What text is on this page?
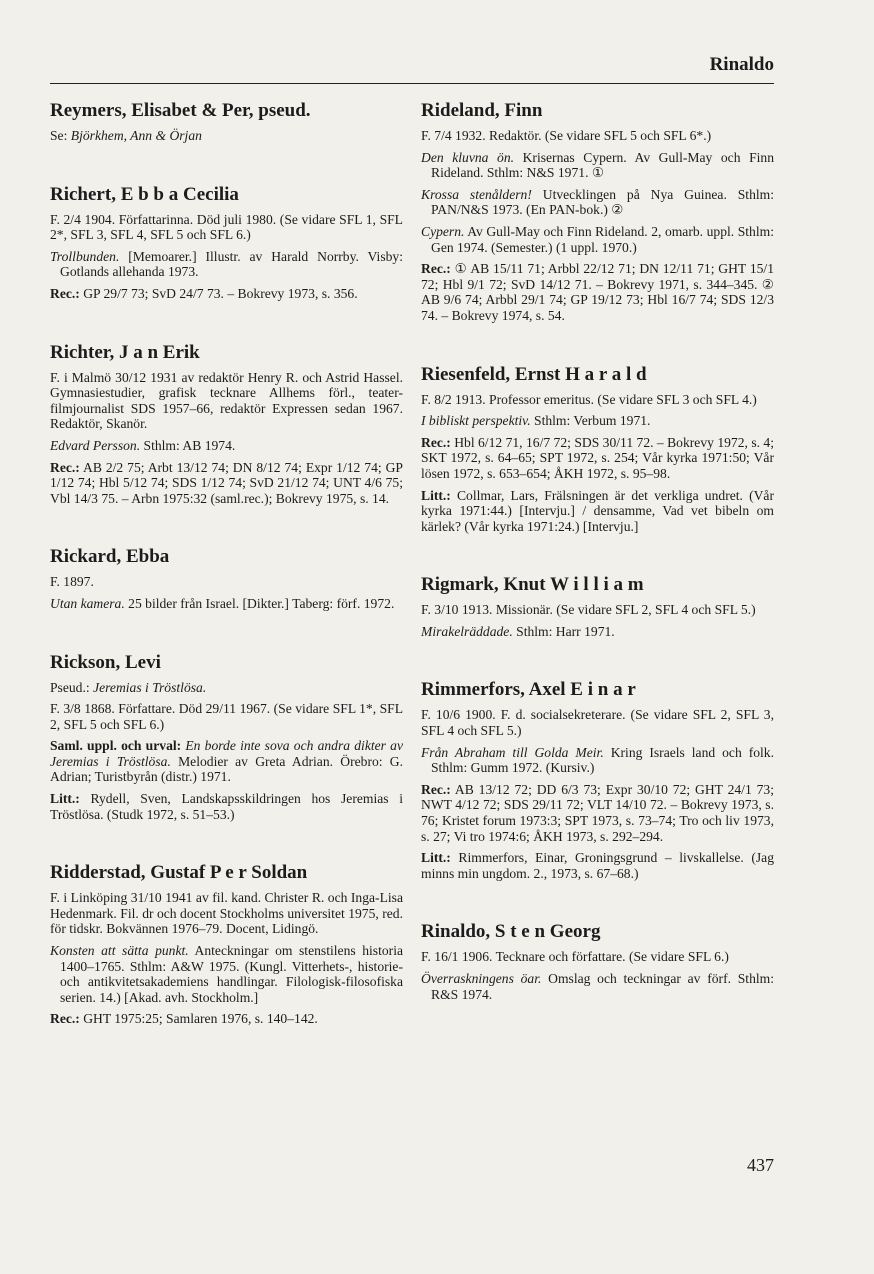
Rinaldo
Reymers, Elisabet & Per, pseud.

Se: Björkhem, Ann & Örjan

Richert, E b b a Cecilia

F. 2/4 1904. Författarinna. Död juli 1980. (Se vidare SFL 1, SFL 2*, SFL 3, SFL 4, SFL 5 och SFL 6.)

Trollbunden. [Memoarer.] Illustr. av Harald Norrby. Visby: Gotlands allehanda 1973.

Rec.: GP 29/7 73; SvD 24/7 73. – Bokrevy 1973, s. 356.

Richter, J a n Erik

F. i Malmö 30/12 1931 av redaktör Henry R. och Astrid Hassel. Gymnasiestudier, grafisk tecknare Allhems förl., teater-filmjournalist SDS 1957–66, redaktör Expressen sedan 1967. Redaktör, Skanör.

Edvard Persson. Sthlm: AB 1974.

Rec.: AB 2/2 75; Arbt 13/12 74; DN 8/12 74; Expr 1/12 74; GP 1/12 74; Hbl 5/12 74; SDS 1/12 74; SvD 21/12 74; UNT 4/6 75; Vbl 14/3 75. – Arbn 1975:32 (saml.rec.); Bokrevy 1975, s. 14.

Rickard, Ebba

F. 1897.

Utan kamera. 25 bilder från Israel. [Dikter.] Taberg: förf. 1972.

Rickson, Levi

Pseud.: Jeremias i Tröstlösa.

F. 3/8 1868. Författare. Död 29/11 1967. (Se vidare SFL 1*, SFL 2, SFL 5 och SFL 6.)

Saml. uppl. och urval: En borde inte sova och andra dikter av Jeremias i Tröstlösa. Melodier av Greta Adrian. Örebro: G. Adrian; Turistbyrån (distr.) 1971.

Litt.: Rydell, Sven, Landskapsskildringen hos Jeremias i Tröstlösa. (Studk 1972, s. 51–53.)

Ridderstad, Gustaf P e r Soldan

F. i Linköping 31/10 1941 av fil. kand. Christer R. och Inga-Lisa Hedenmark. Fil. dr och docent Stockholms universitet 1975, red. för tidskr. Bokvännen 1976–79. Docent, Lidingö.

Konsten att sätta punkt. Anteckningar om stenstilens historia 1400–1765. Sthlm: A&W 1975. (Kungl. Vitterhets-, historie- och antikvitetsakademiens handlingar. Filologisk-filosofiska serien. 14.) [Akad. avh. Stockholm.]

Rec.: GHT 1975:25; Samlaren 1976, s. 140–142.

Rideland, Finn

F. 7/4 1932. Redaktör. (Se vidare SFL 5 och SFL 6*.)

Den kluvna ön. Krisernas Cypern. Av Gull-May och Finn Rideland. Sthlm: N&S 1971. ①

Krossa stenåldern! Utvecklingen på Nya Guinea. Sthlm: PAN/N&S 1973. (En PAN-bok.) ②

Cypern. Av Gull-May och Finn Rideland. 2, omarb. uppl. Sthlm: Gen 1974. (Semester.) (1 uppl. 1970.)

Rec.: ① AB 15/11 71; Arbbl 22/12 71; DN 12/11 71; GHT 15/1 72; Hbl 9/1 72; SvD 14/12 71. – Bokrevy 1971, s. 344–345. ② AB 9/6 74; Arbbl 29/1 74; GP 19/12 73; Hbl 16/7 74; SDS 12/3 74. – Bokrevy 1974, s. 54.

Riesenfeld, Ernst H a r a l d

F. 8/2 1913. Professor emeritus. (Se vidare SFL 3 och SFL 4.)

I bibliskt perspektiv. Sthlm: Verbum 1971.

Rec.: Hbl 6/12 71, 16/7 72; SDS 30/11 72. – Bokrevy 1972, s. 4; SKT 1972, s. 64–65; SPT 1972, s. 254; Vår kyrka 1971:50; Vår lösen 1972, s. 653–654; ÅKH 1972, s. 95–98.

Litt.: Collmar, Lars, Frälsningen är det verkliga undret. (Vår kyrka 1971:44.) [Intervju.] / densamme, Vad vet bibeln om kärlek? (Vår kyrka 1971:24.) [Intervju.]

Rigmark, Knut W i l l i a m

F. 3/10 1913. Missionär. (Se vidare SFL 2, SFL 4 och SFL 5.)

Mirakelräddade. Sthlm: Harr 1971.

Rimmerfors, Axel E i n a r

F. 10/6 1900. F. d. socialsekreterare. (Se vidare SFL 2, SFL 3, SFL 4 och SFL 5.)

Från Abraham till Golda Meir. Kring Israels land och folk. Sthlm: Gumm 1972. (Kursiv.)

Rec.: AB 13/12 72; DD 6/3 73; Expr 30/10 72; GHT 24/1 73; NWT 4/12 72; SDS 29/11 72; VLT 14/10 72. – Bokrevy 1973, s. 76; Kristet forum 1973:3; SPT 1973, s. 73–74; Tro och liv 1973, s. 27; Vi tro 1974:6; ÅKH 1973, s. 292–294.

Litt.: Rimmerfors, Einar, Groningsgrund – livskallelse. (Jag minns min ungdom. 2., 1973, s. 67–68.)

Rinaldo, S t e n Georg

F. 16/1 1906. Tecknare och författare. (Se vidare SFL 6.)

Överraskningens öar. Omslag och teckningar av förf. Sthlm: R&S 1974.

437
